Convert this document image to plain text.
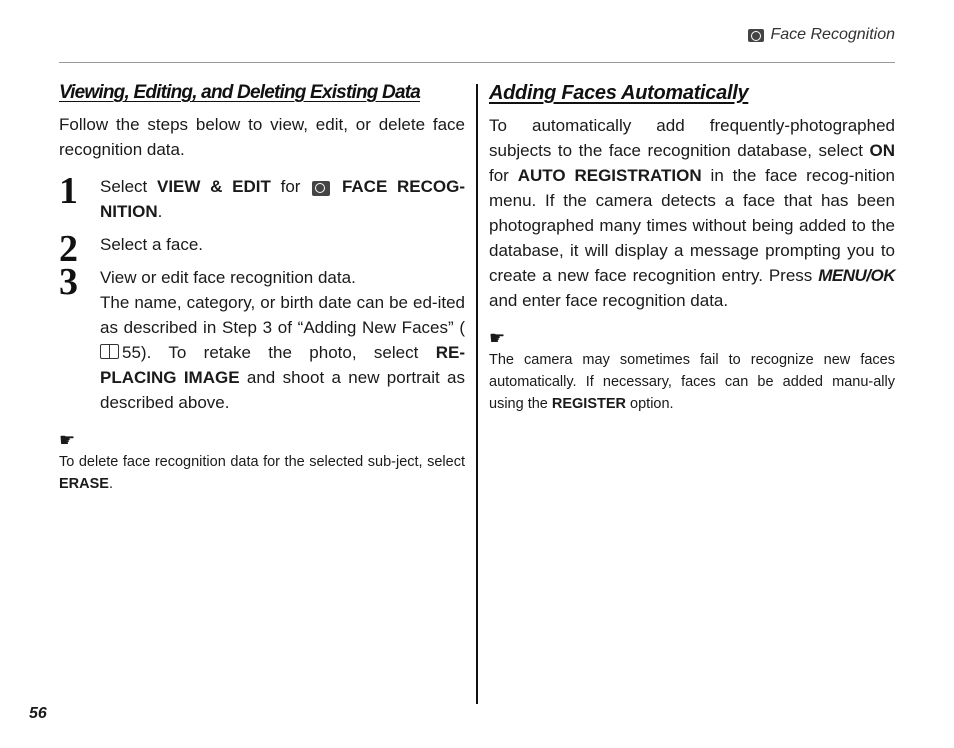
Face Recognition
Viewing, Editing, and Deleting Existing Data

Follow the steps below to view, edit, or delete face recognition data.

1 Select VIEW & EDIT for FACE RECOG-NITION.

2 Select a face.

3 View or edit face recognition data.

The name, category, or birth date can be ed-ited as described in Step 3 of “Adding New Faces” (55). To retake the photo, select RE-PLACING IMAGE and shoot a new portrait as described above.

☛

To delete face recognition data for the selected sub-ject, select ERASE.

Adding Faces Automatically

To automatically add frequently-photographed subjects to the face recognition database, select ON for AUTO REGISTRATION in the face recog-nition menu. If the camera detects a face that has been photographed many times without being added to the database, it will display a message prompting you to create a new face recognition entry. Press MENU/OK and enter face recognition data.

☛

The camera may sometimes fail to recognize new faces automatically. If necessary, faces can be added manu-ally using the REGISTER option.

56
